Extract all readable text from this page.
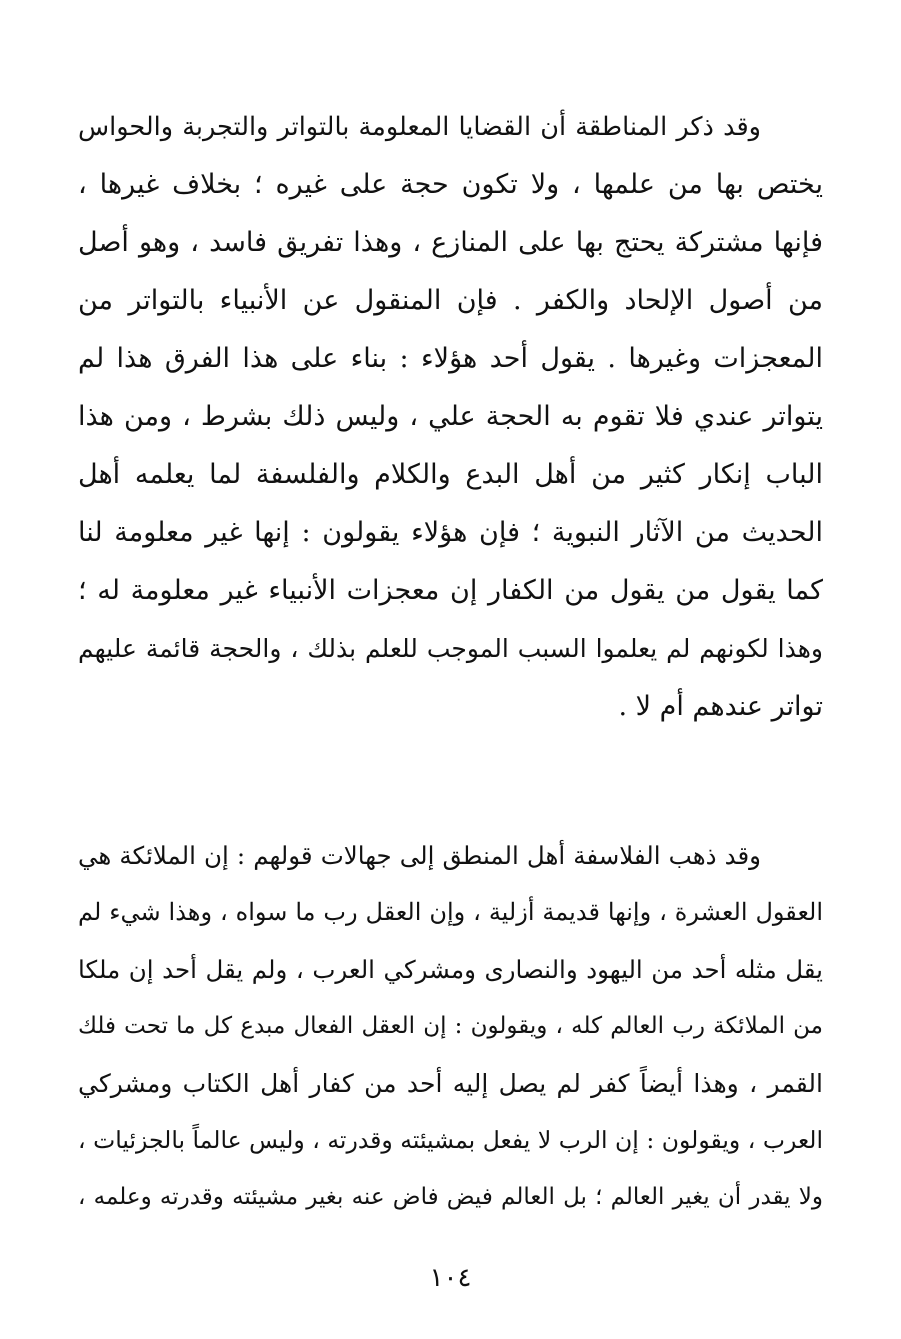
وقد ذكر المناطقة أن القضايا المعلومة بالتواتر والتجربة والحواس
يختص بها من علمها ، ولا تكون حجة على غيره ؛ بخلاف غيرها ،
فإنها مشتركة يحتج بها على المنازع ، وهذا تفريق فاسد ، وهو أصل
من أصول الإلحاد والكفر . فإن المنقول عن الأنبياء بالتواتر من
المعجزات وغيرها . يقول أحد هؤلاء : بناء على هذا الفرق هذا لم
يتواتر عندي فلا تقوم به الحجة علي ، وليس ذلك بشرط ، ومن هذا
الباب إنكار كثير من أهل البدع والكلام والفلسفة لما يعلمه أهل
الحديث من الآثار النبوية ؛ فإن هؤلاء يقولون : إنها غير معلومة لنا
كما يقول من يقول من الكفار إن معجزات الأنبياء غير معلومة له ؛
وهذا لكونهم لم يعلموا السبب الموجب للعلم بذلك ، والحجة قائمة عليهم
تواتر عندهم أم لا .
وقد ذهب الفلاسفة أهل المنطق إلى جهالات قولهم : إن الملائكة هي
العقول العشرة ، وإنها قديمة أزلية ، وإن العقل رب ما سواه ، وهذا شيء لم
يقل مثله أحد من اليهود والنصارى ومشركي العرب ، ولم يقل أحد إن ملكا
من الملائكة رب العالم كله ، ويقولون : إن العقل الفعال مبدع كل ما تحت فلك
القمر ، وهذا أيضاً كفر لم يصل إليه أحد من كفار أهل الكتاب ومشركي
العرب ، ويقولون : إن الرب لا يفعل بمشيئته وقدرته ، وليس عالماً بالجزئيات ،
ولا يقدر أن يغير العالم ؛ بل العالم فيض فاض عنه بغير مشيئته وقدرته وعلمه ،
١٠٤
